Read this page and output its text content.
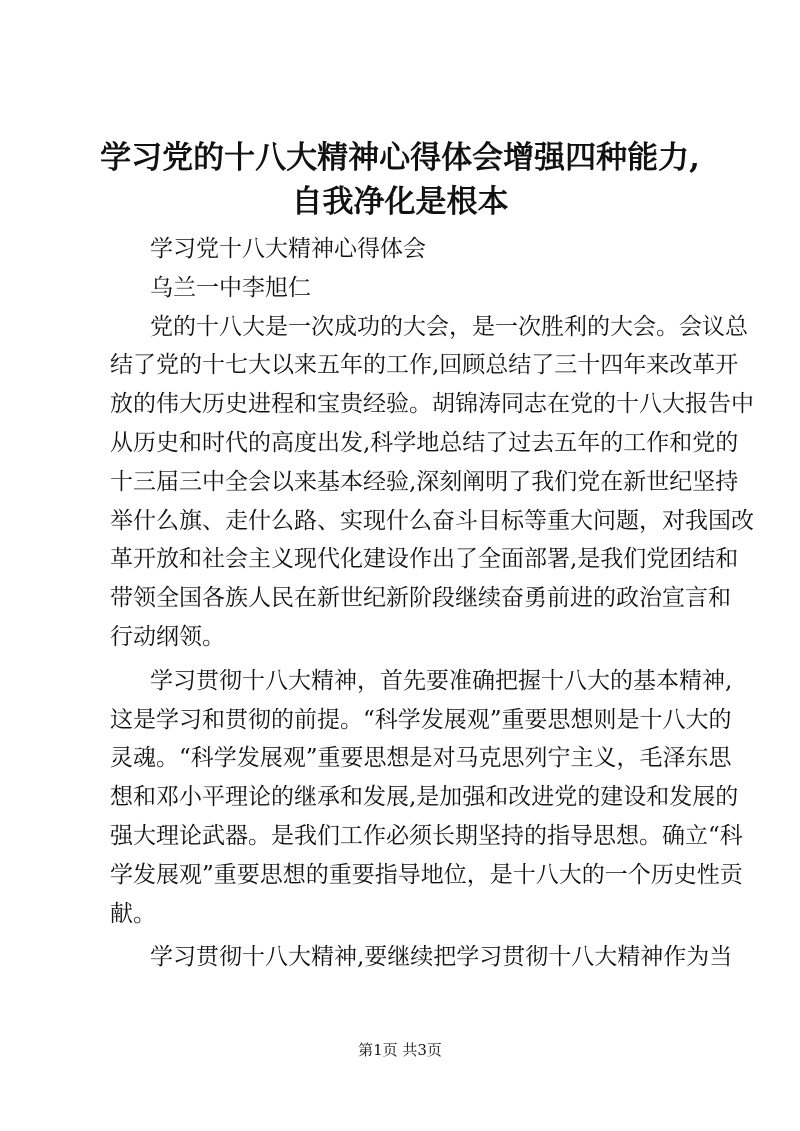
学习党的十八大精神心得体会增强四种能力,
自我净化是根本
学习党十八大精神心得体会
乌兰一中李旭仁
党的十八大是一次成功的大会，是一次胜利的大会。会议总
结了党的十七大以来五年的工作,回顾总结了三十四年来改革开
放的伟大历史进程和宝贵经验。胡锦涛同志在党的十八大报告中
从历史和时代的高度出发,科学地总结了过去五年的工作和党的
十三届三中全会以来基本经验,深刻阐明了我们党在新世纪坚持
举什么旗、走什么路、实现什么奋斗目标等重大问题，对我国改
革开放和社会主义现代化建设作出了全面部署,是我们党团结和
带领全国各族人民在新世纪新阶段继续奋勇前进的政治宣言和
行动纲领。
学习贯彻十八大精神，首先要准确把握十八大的基本精神,
这是学习和贯彻的前提。“科学发展观”重要思想则是十八大的
灵魂。“科学发展观”重要思想是对马克思列宁主义，毛泽东思
想和邓小平理论的继承和发展,是加强和改进党的建设和发展的
强大理论武器。是我们工作必须长期坚持的指导思想。确立“科
学发展观”重要思想的重要指导地位，是十八大的一个历史性贡
献。
学习贯彻十八大精神,要继续把学习贯彻十八大精神作为当
第1页 共3页
